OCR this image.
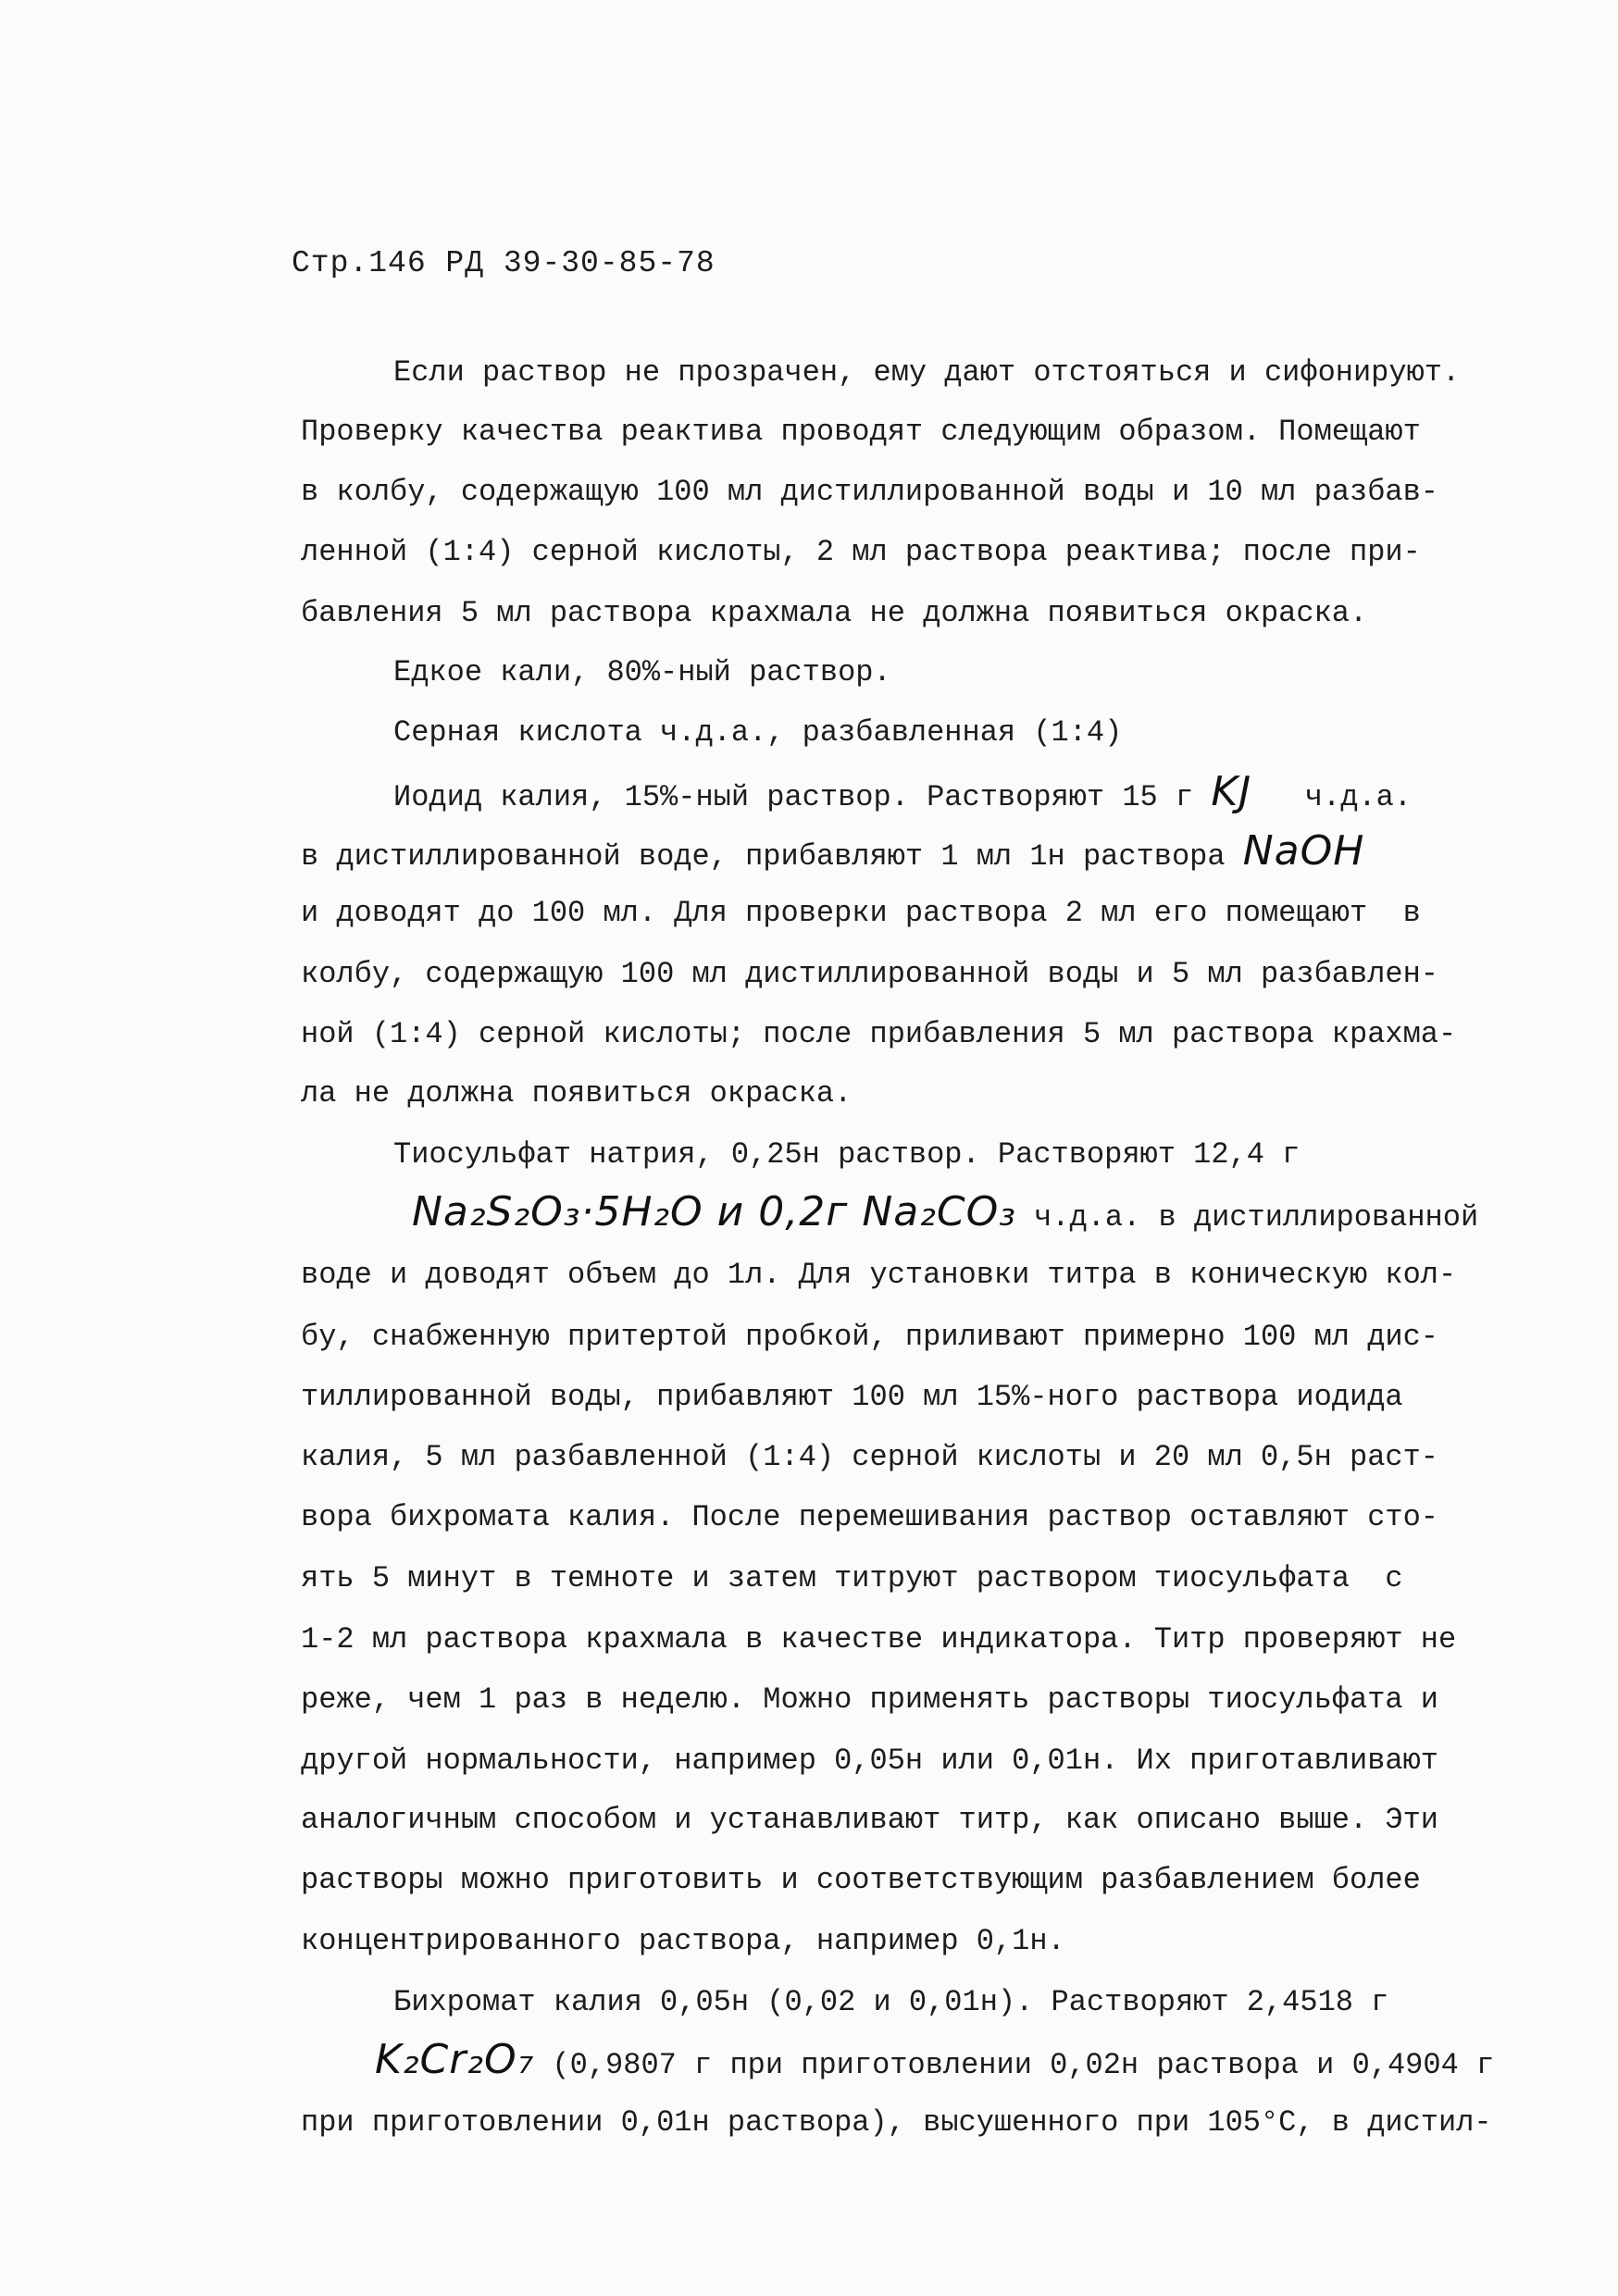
Стр.146 РД 39-30-85-78
Если раствор не прозрачен, ему дают отстояться и сифонируют.
Проверку качества реактива проводят следующим образом. Помещают
в колбу, содержащую 100 мл дистиллированной воды и 10 мл разбав-
ленной (1:4) серной кислоты, 2 мл раствора реактива; после при-
бавления 5 мл раствора крахмала не должна появиться окраска.
Едкое кали, 80%-ный раствор.
Серная кислота ч.д.а., разбавленная (1:4)
Иодид калия, 15%-ный раствор. Растворяют 15 г KJ   ч.д.а.
в дистиллированной воде, прибавляют 1 мл 1н раствора NaOH
и доводят до 100 мл. Для проверки раствора 2 мл его помещают  в
колбу, содержащую 100 мл дистиллированной воды и 5 мл разбавлен-
ной (1:4) серной кислоты; после прибавления 5 мл раствора крахма-
ла не должна появиться окраска.
Тиосульфат натрия, 0,25н раствор. Растворяют 12,4 г
Na₂S₂O₃·5H₂O и 0,2г Na₂CO₃ ч.д.а. в дистиллированной
воде и доводят объем до 1л. Для установки титра в коническую кол-
бу, снабженную притертой пробкой, приливают примерно 100 мл дис-
тиллированной воды, прибавляют 100 мл 15%-ного раствора иодида
калия, 5 мл разбавленной (1:4) серной кислоты и 20 мл 0,5н раст-
вора бихромата калия. После перемешивания раствор оставляют сто-
ять 5 минут в темноте и затем титруют раствором тиосульфата  с
1-2 мл раствора крахмала в качестве индикатора. Титр проверяют не
реже, чем 1 раз в неделю. Можно применять растворы тиосульфата и
другой нормальности, например 0,05н или 0,01н. Их приготавливают
аналогичным способом и устанавливают титр, как описано выше. Эти
растворы можно приготовить и соответствующим разбавлением более
концентрированного раствора, например 0,1н.
Бихромат калия 0,05н (0,02 и 0,01н). Растворяют 2,4518 г
K₂Cr₂O₇ (0,9807 г при приготовлении 0,02н раствора и 0,4904 г
при приготовлении 0,01н раствора), высушенного при 105°С, в дистил-
